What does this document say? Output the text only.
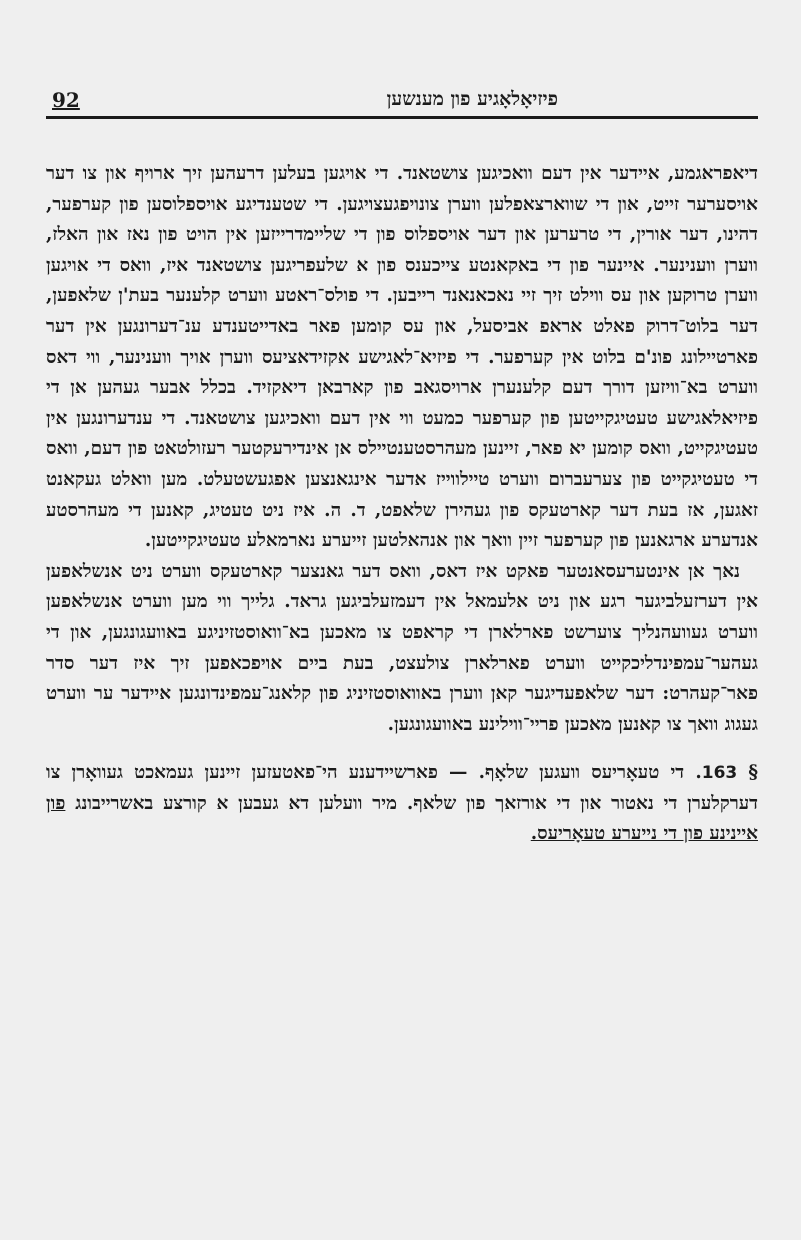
פיזיאָלאָגיע פון מענשען
92

דיאפראגמע, איידער אין דעם וואכיגען צושטאנד. די אויגען בעלען דרעהען זיך ארויף און צו דער אויסערער זייט, און די שווארצאפלען ווערן צונויפגעצויגען. די שטענדיגע אויספלוסען פון קערפער, דהינו, דער אורין, די טרערען און דער אויספלוס פון די שליימדרייזען אין הויט פון נאז און האלז, ווערן ווענינער. איינער פון די באקאנטע צייכענס פון א שלעפריגען צושטאנד איז, וואס די אויגען ווערן טרוקען און עס ווילט זיך זיי נאכאנאנד רייבען. די פולס־ראטע ווערט קלענער בעת'ן שלאפען, דער בלוט־דרוק פאלט אראפ אביסעל, און עס קומען פאר באדייטענדע ענ־דערונגען אין דער פארטיילונג פונ'ם בלוט אין קערפער. די פיזיא־לאגישע אקזידאציעס ווערן אויך ווענינער, ווי דאס ווערט בא־וויזען דורך דעם קלענערן ארויסגאב פון קארבאן דיאקזיד. בכלל אבער געהען אן די פיזיאלאגישע טעטיגקייטען פון קערפער כמעט ווי אין דעם וואכיגען צושטאנד. די ענדערונגען אין טעטיגקייט, וואס קומען יא פאר, זיינען מעהרסטענטיילס אן אינדירעקטער רעזולטאט פון דעם, וואס די טעטיגקייט פון צערעברום ווערט טיילווייז אדער אינגאנצען אפגעשטעלט. מען וואלט געקאנט זאגען, אז בעת דער קארטעקס פון געהירן שלאפט, ד. ה. איז ניט טעטיג, קאנען די מעהרסטע אנדערע ארגאנען פון קערפער זיין וואך און אנהאלטען זייערע נארמאלע טעטיגקייטען.

נאך אן אינטערעסאנטער פאקט איז דאס, וואס דער גאנצער קארטעקס ווערט ניט אנשלאפען אין דערזעלביגער רגע און ניט אלעמאל אין דעמזעלביגען גראד. גלייך ווי מען ווערט אנשלאפען ווערט געוועהנליך צוערשט פארלארן די קראפט צו מאכען בא־וואוסטזיניגע באוועגונגען, און די געהער־עמפינדליכקייט ווערט פארלארן צולעצט, בעת ביים אויפכאפען זיך איז דער סדר פאר־קעהרט: דער שלאפעדיגער קאן ווערן באוואוסטזיניג פון קלאנג־עמפינדונגען איידער ער ווערט געגוג וואך צו קאנען מאכען פריי־ווילינע באוועגונגען.

§ 163. די טעאָריעס וועגען שלאָף. — פארשיידענע הי־פאטעזען זיינען געמאכט געוואָרן צו דערקלערן די נאטור און די אורזאך פון שלאף. מיר וועלען דא געבען א קורצע באשרייבונג פון איינינע פון די נייערע טעאָריעס.
